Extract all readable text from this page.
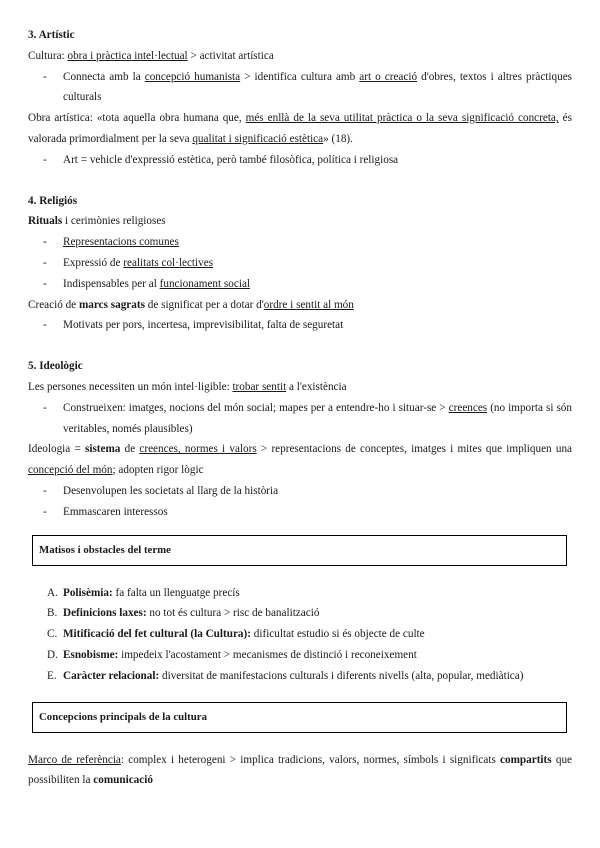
3. Artístic

Cultura: obra i pràctica intel·lectual > activitat artística

- Connecta amb la concepció humanista > identifica cultura amb art o creació d'obres, textos i altres pràctiques culturals

Obra artística: «tota aquella obra humana que, més enllà de la seva utilitat pràctica o la seva significació concreta, és valorada primordialment per la seva qualitat i significació estètica» (18).

- Art = vehicle d'expressió estètica, però també filosòfica, política i religiosa

4. Religiós

Rituals i cerimònies religioses

- Representacions comunes

- Expressió de realitats col·lectives

- Indispensables per al funcionament social

Creació de marcs sagrats de significat per a dotar d'ordre i sentit al món

- Motivats per pors, incertesa, imprevisibilitat, falta de seguretat

5. Ideològic

Les persones necessiten un món intel·ligible: trobar sentit a l'existència

- Construeixen: imatges, nocions del món social; mapes per a entendre-ho i situar-se > creences (no importa si són veritables, només plausibles)

Ideologia = sistema de creences, normes i valors > representacions de conceptes, imatges i mites que impliquen una concepció del món; adopten rigor lògic

- Desenvolupen les societats al llarg de la història

- Emmascaren interessos

Matisos i obstacles del terme

A. Polisèmia: fa falta un llenguatge precís

B. Definicions laxes: no tot és cultura > risc de banalització

C. Mitificació del fet cultural (la Cultura): dificultat estudio si és objecte de culte

D. Esnobisme: impedeix l'acostament > mecanismes de distinció i reconeixement

E. Caràcter relacional: diversitat de manifestacions culturals i diferents nivells (alta, popular, mediàtica)

Concepcions principals de la cultura

Marco de referència: complex i heterogeni > implica tradicions, valors, normes, símbols i significats compartits que possibiliten la comunicació
